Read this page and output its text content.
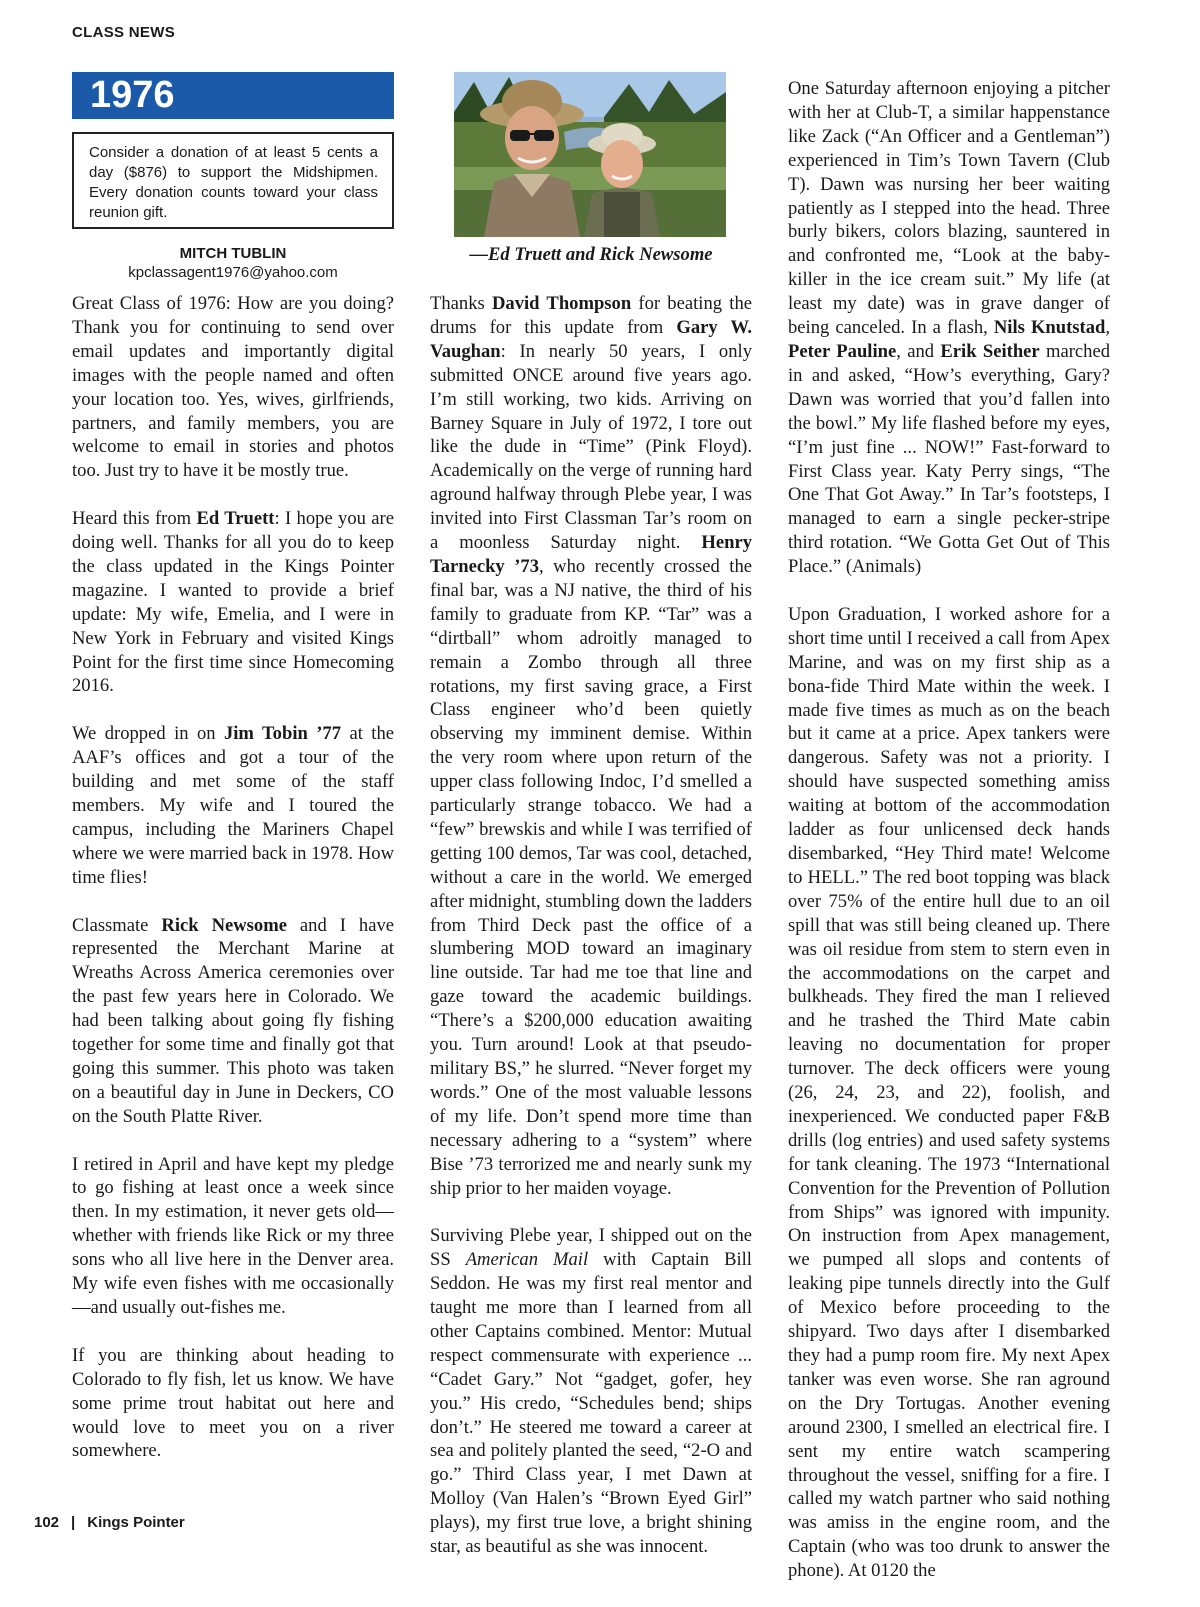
CLASS NEWS
1976
Consider a donation of at least 5 cents a day ($876) to support the Midshipmen. Every donation counts toward your class reunion gift.
MITCH TUBLIN
kpclassagent1976@yahoo.com
—Ed Truett and Rick Newsome

Great Class of 1976: How are you doing? Thank you for continuing to send over email updates and importantly digital images with the people named and often your location too. Yes, wives, girlfriends, partners, and family members, you are welcome to email in stories and photos too. Just try to have it be mostly true.

Heard this from Ed Truett: I hope you are doing well. Thanks for all you do to keep the class updated in the Kings Pointer magazine. I wanted to provide a brief update: My wife, Emelia, and I were in New York in February and visited Kings Point for the first time since Homecoming 2016.

We dropped in on Jim Tobin ’77 at the AAF’s offices and got a tour of the building and met some of the staff members. My wife and I toured the campus, including the Mariners Chapel where we were married back in 1978. How time flies!

Classmate Rick Newsome and I have represented the Merchant Marine at Wreaths Across America ceremonies over the past few years here in Colorado. We had been talking about going fly fishing together for some time and finally got that going this summer. This photo was taken on a beautiful day in June in Deckers, CO on the South Platte River.

I retired in April and have kept my pledge to go fishing at least once a week since then. In my estimation, it never gets old—whether with friends like Rick or my three sons who all live here in the Denver area. My wife even fishes with me occasionally—and usually out-fishes me.

If you are thinking about heading to Colorado to fly fish, let us know. We have some prime trout habitat out here and would love to meet you on a river somewhere.

Thanks David Thompson for beating the drums for this update from Gary W. Vaughan: In nearly 50 years, I only submitted ONCE around five years ago. I’m still working, two kids. Arriving on Barney Square in July of 1972, I tore out like the dude in “Time” (Pink Floyd). Academically on the verge of running hard aground halfway through Plebe year, I was invited into First Classman Tar’s room on a moonless Saturday night. Henry Tarnecky ’73, who recently crossed the final bar, was a NJ native, the third of his family to graduate from KP. “Tar” was a “dirtball” whom adroitly managed to remain a Zombo through all three rotations, my first saving grace, a First Class engineer who’d been quietly observing my imminent demise. Within the very room where upon return of the upper class following Indoc, I’d smelled a particularly strange tobacco. We had a “few” brewskis and while I was terrified of getting 100 demos, Tar was cool, detached, without a care in the world. We emerged after midnight, stumbling down the ladders from Third Deck past the office of a slumbering MOD toward an imaginary line outside. Tar had me toe that line and gaze toward the academic buildings. “There’s a $200,000 education awaiting you. Turn around! Look at that pseudo-military BS,” he slurred. “Never forget my words.” One of the most valuable lessons of my life. Don’t spend more time than necessary adhering to a “system” where Bise ’73 terrorized me and nearly sunk my ship prior to her maiden voyage.

Surviving Plebe year, I shipped out on the SS American Mail with Captain Bill Seddon. He was my first real mentor and taught me more than I learned from all other Captains combined. Mentor: Mutual respect commensurate with experience ... “Cadet Gary.” Not “gadget, gofer, hey you.” His credo, “Schedules bend; ships don’t.” He steered me toward a career at sea and politely planted the seed, “2-O and go.” Third Class year, I met Dawn at Molloy (Van Halen’s “Brown Eyed Girl” plays), my first true love, a bright shining star, as beautiful as she was innocent.

One Saturday afternoon enjoying a pitcher with her at Club-T, a similar happenstance like Zack (“An Officer and a Gentleman”) experienced in Tim’s Town Tavern (Club T). Dawn was nursing her beer waiting patiently as I stepped into the head. Three burly bikers, colors blazing, sauntered in and confronted me, “Look at the baby-killer in the ice cream suit.” My life (at least my date) was in grave danger of being canceled. In a flash, Nils Knutstad, Peter Pauline, and Erik Seither marched in and asked, “How’s everything, Gary? Dawn was worried that you’d fallen into the bowl.” My life flashed before my eyes, “I’m just fine ... NOW!” Fast-forward to First Class year. Katy Perry sings, “The One That Got Away.” In Tar’s footsteps, I managed to earn a single pecker-stripe third rotation. “We Gotta Get Out of This Place.” (Animals)

Upon Graduation, I worked ashore for a short time until I received a call from Apex Marine, and was on my first ship as a bona-fide Third Mate within the week. I made five times as much as on the beach but it came at a price. Apex tankers were dangerous. Safety was not a priority. I should have suspected something amiss waiting at bottom of the accommodation ladder as four unlicensed deck hands disembarked, “Hey Third mate! Welcome to HELL.” The red boot topping was black over 75% of the entire hull due to an oil spill that was still being cleaned up. There was oil residue from stem to stern even in the accommodations on the carpet and bulkheads. They fired the man I relieved and he trashed the Third Mate cabin leaving no documentation for proper turnover. The deck officers were young (26, 24, 23, and 22), foolish, and inexperienced. We conducted paper F&B drills (log entries) and used safety systems for tank cleaning. The 1973 “International Convention for the Prevention of Pollution from Ships” was ignored with impunity. On instruction from Apex management, we pumped all slops and contents of leaking pipe tunnels directly into the Gulf of Mexico before proceeding to the shipyard. Two days after I disembarked they had a pump room fire. My next Apex tanker was even worse. She ran aground on the Dry Tortugas. Another evening around 2300, I smelled an electrical fire. I sent my entire watch scampering throughout the vessel, sniffing for a fire. I called my watch partner who said nothing was amiss in the engine room, and the Captain (who was too drunk to answer the phone). At 0120 the

102 | Kings Pointer
